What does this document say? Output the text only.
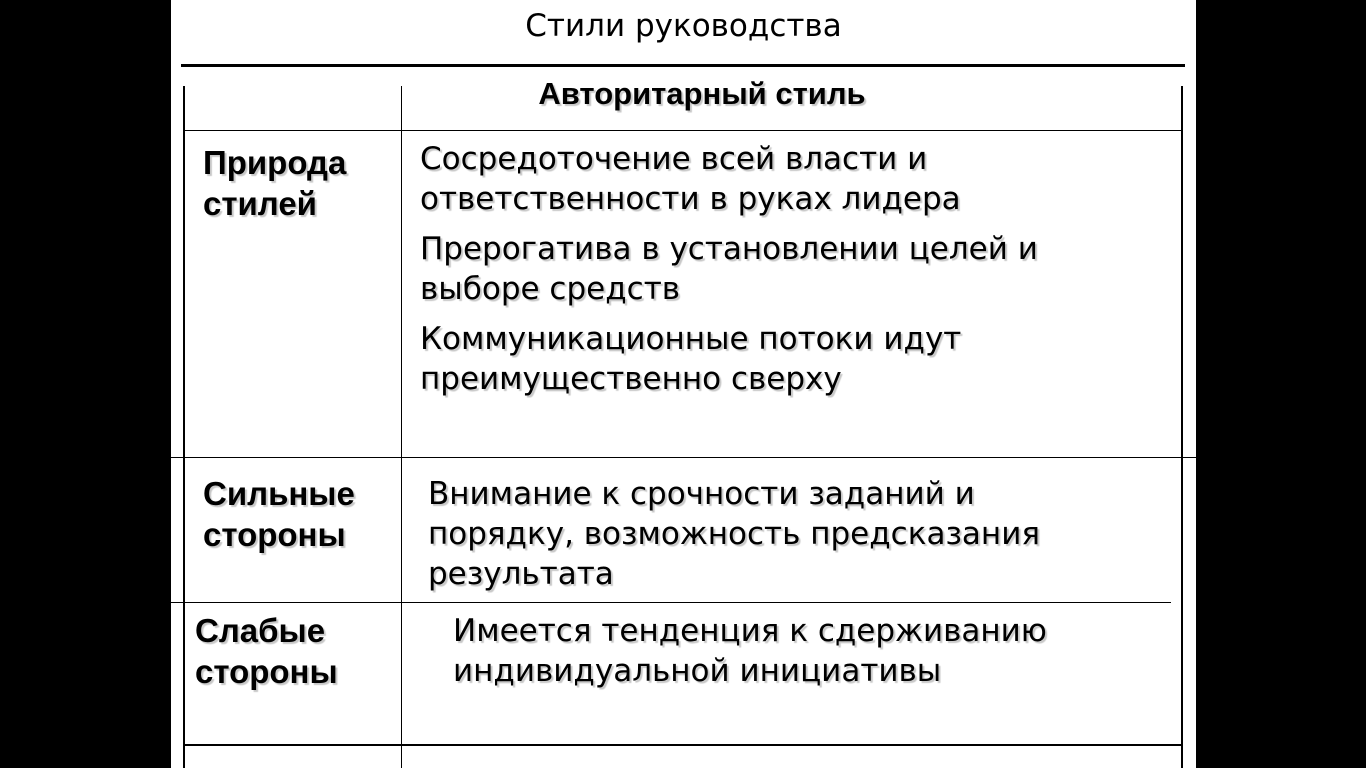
Стили руководства
Авторитарный стиль
Природа
стилей
Сосредоточение всей власти и
ответственности в руках лидера
Прерогатива в установлении целей и
выборе средств
Коммуникационные потоки идут
преимущественно сверху
Сильные
стороны
Внимание к срочности заданий и
порядку, возможность предсказания
результата
Слабые
стороны
Имеется тенденция к сдерживанию
индивидуальной инициативы
